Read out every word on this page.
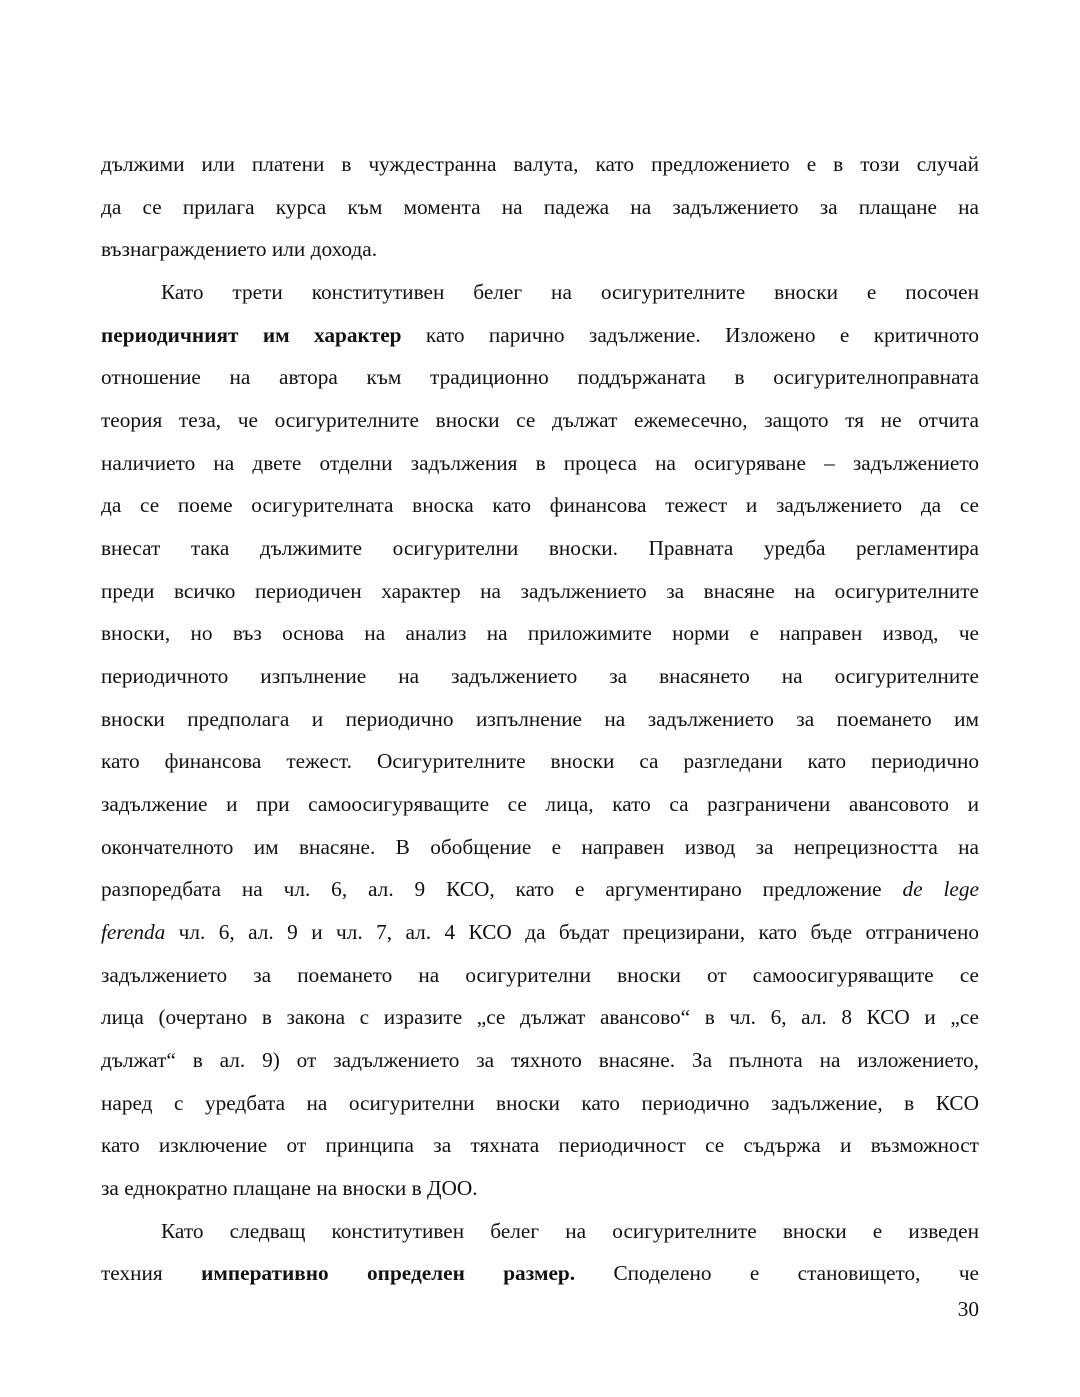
дължими или платени в чуждестранна валута, като предложението е в този случай
да се прилага курса към момента на падежа на задължението за плащане на
възнаграждението или дохода.
Като трети конститутивен белег на осигурителните вноски е посочен
периодичният им характер като парично задължение. Изложено е критичното
отношение на автора към традиционно поддържаната в осигурителноправната
теория теза, че осигурителните вноски се дължат ежемесечно, защото тя не отчита
наличието на двете отделни задължения в процеса на осигуряване – задължението
да се поеме осигурителната вноска като финансова тежест и задължението да се
внесат така дължимите осигурителни вноски. Правната уредба регламентира
преди всичко периодичен характер на задължението за внасяне на осигурителните
вноски, но въз основа на анализ на приложимите норми е направен извод, че
периодичното изпълнение на задължението за внасянето на осигурителните
вноски предполага и периодично изпълнение на задължението за поемането им
като финансова тежест. Осигурителните вноски са разгледани като периодично
задължение и при самоосигуряващите се лица, като са разграничени авансовото и
окончателното им внасяне. В обобщение е направен извод за непрецизността на
разпоредбата на чл. 6, ал. 9 КСО, като е аргументирано предложение de lege
ferenda чл. 6, ал. 9 и чл. 7, ал. 4 КСО да бъдат прецизирани, като бъде отграничено
задължението за поемането на осигурителни вноски от самоосигуряващите се
лица (очертано в закона с изразите „се дължат авансово“ в чл. 6, ал. 8 КСО и „се
дължат“ в ал. 9) от задължението за тяхното внасяне. За пълнота на изложението,
наред с уредбата на осигурителни вноски като периодично задължение, в КСО
като изключение от принципа за тяхната периодичност се съдържа и възможност
за еднократно плащане на вноски в ДОО.
Като следващ конститутивен белег на осигурителните вноски е изведен
техния императивно определен размер. Споделено е становището, че
30
